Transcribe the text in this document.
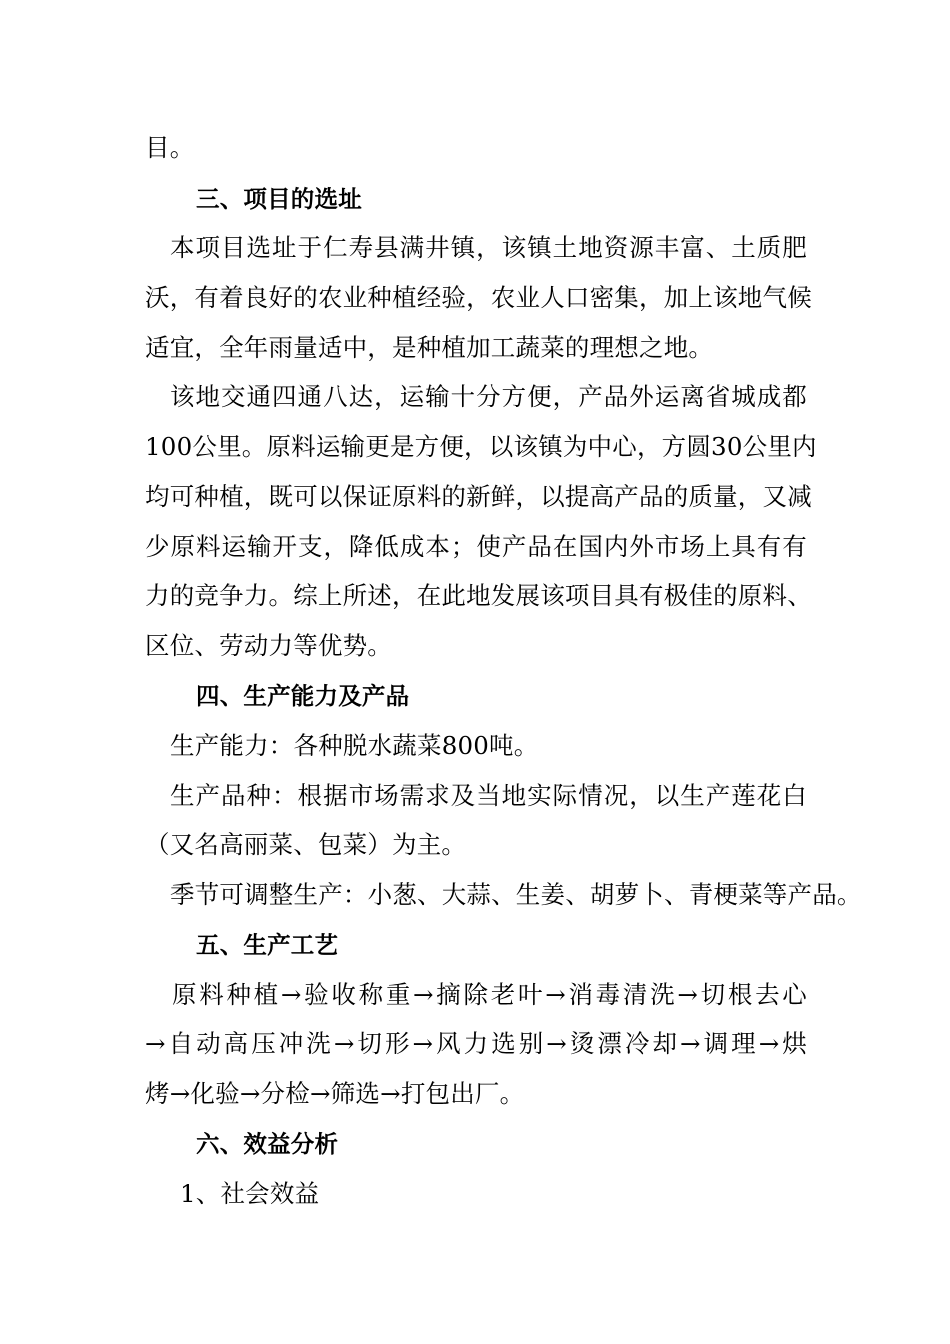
目。
三、项目的选址
本项目选址于仁寿县满井镇，该镇土地资源丰富、土质肥
沃，有着良好的农业种植经验，农业人口密集，加上该地气候
适宜，全年雨量适中，是种植加工蔬菜的理想之地。
该地交通四通八达，运输十分方便，产品外运离省城成都
100公里。原料运输更是方便，以该镇为中心，方圆30公里内
均可种植，既可以保证原料的新鲜，以提高产品的质量，又减
少原料运输开支，降低成本；使产品在国内外市场上具有有
力的竞争力。综上所述，在此地发展该项目具有极佳的原料、
区位、劳动力等优势。
四、生产能力及产品
生产能力：各种脱水蔬菜800吨。
生产品种：根据市场需求及当地实际情况，以生产莲花白
（又名高丽菜、包菜）为主。
季节可调整生产：小葱、大蒜、生姜、胡萝卜、青梗菜等产品。
五、生产工艺
原料种植→验收称重→摘除老叶→消毒清洗→切根去心
→自动高压冲洗→切形→风力选别→烫漂冷却→调理→烘
烤→化验→分检→筛选→打包出厂。
六、效益分析
1、社会效益
